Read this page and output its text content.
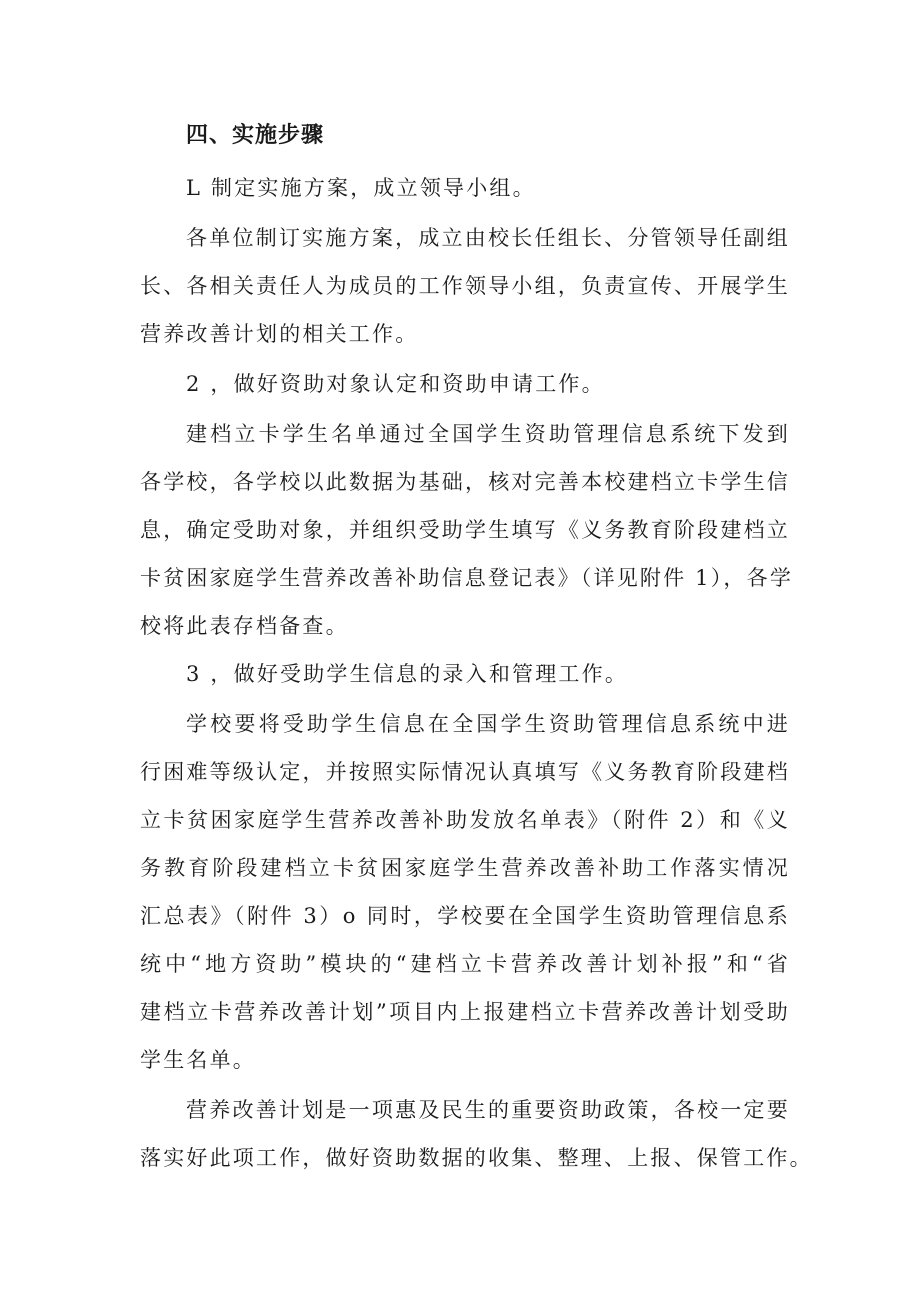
四、实施步骤
L 制定实施方案，成立领导小组。
各单位制订实施方案，成立由校长任组长、分管领导任副组
长、各相关责任人为成员的工作领导小组，负责宣传、开展学生
营养改善计划的相关工作。
2 ，做好资助对象认定和资助申请工作。
建档立卡学生名单通过全国学生资助管理信息系统下发到
各学校，各学校以此数据为基础，核对完善本校建档立卡学生信
息，确定受助对象，并组织受助学生填写《义务教育阶段建档立
卡贫困家庭学生营养改善补助信息登记表》（详见附件 1），各学
校将此表存档备查。
3 ，做好受助学生信息的录入和管理工作。
学校要将受助学生信息在全国学生资助管理信息系统中进
行困难等级认定，并按照实际情况认真填写《义务教育阶段建档
立卡贫困家庭学生营养改善补助发放名单表》（附件 2）和《义
务教育阶段建档立卡贫困家庭学生营养改善补助工作落实情况
汇总表》（附件 3）o 同时，学校要在全国学生资助管理信息系
统中“地方资助”模块的“建档立卡营养改善计划补报”和“省
建档立卡营养改善计划”项目内上报建档立卡营养改善计划受助
学生名单。
营养改善计划是一项惠及民生的重要资助政策，各校一定要
落实好此项工作，做好资助数据的收集、整理、上报、保管工作。
